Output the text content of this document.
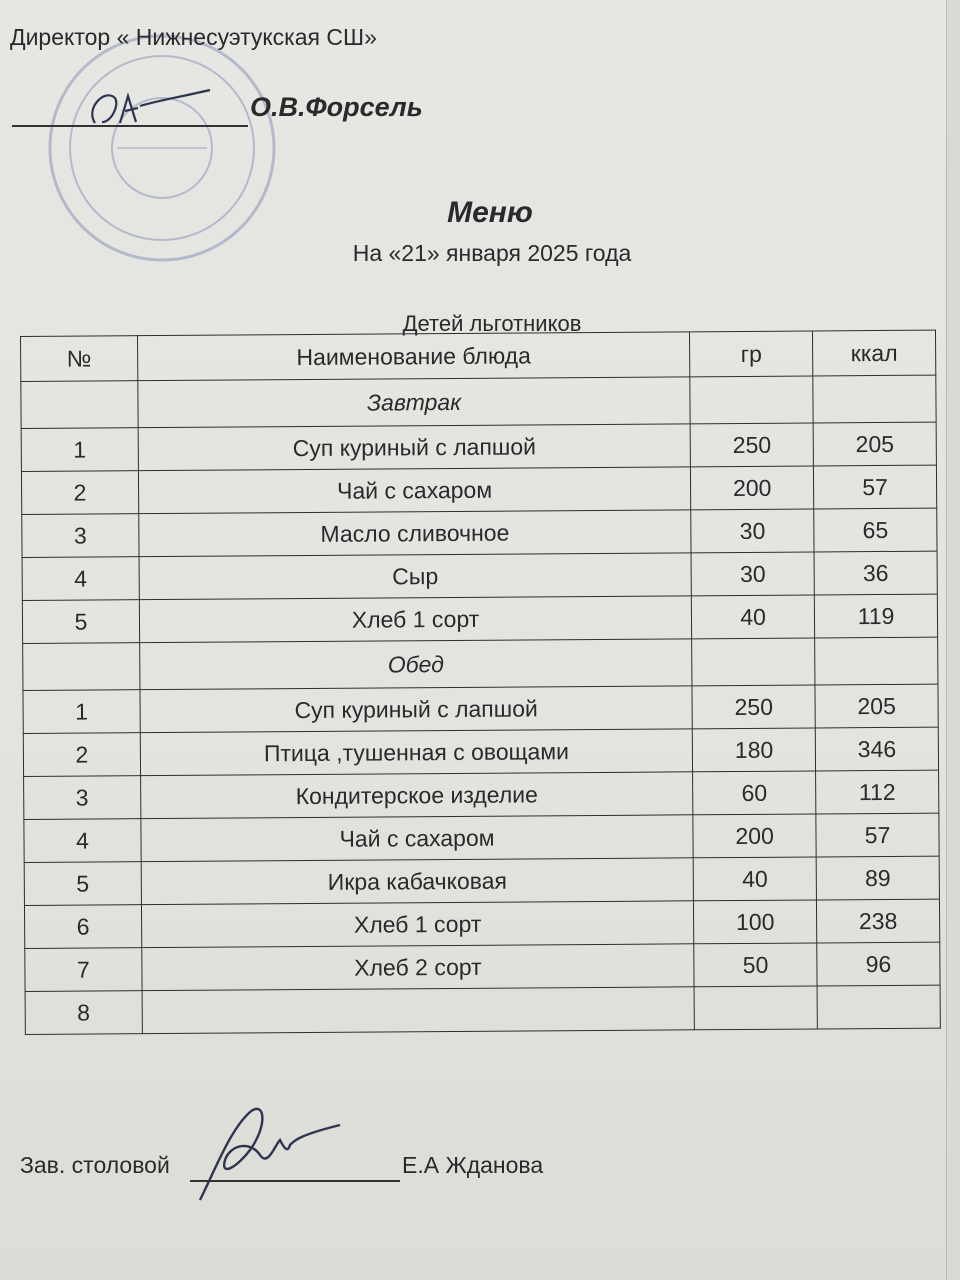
Директор « Нижнесуэтукская СШ»
О.В.Форсель
Меню
На «21» января 2025 года
Детей льготников
№	Наименование блюда	гр	ккал
	Завтрак		
1	Суп куриный с лапшой	250	205
2	Чай с сахаром	200	57
3	Масло сливочное	30	65
4	Сыр	30	36
5	Хлеб 1 сорт	40	119
	Обед		
1	Суп куриный с лапшой	250	205
2	Птица ,тушенная с овощами	180	346
3	Кондитерское изделие	60	112
4	Чай с сахаром	200	57
5	Икра кабачковая	40	89
6	Хлеб 1 сорт	100	238
7	Хлеб 2 сорт	50	96
8			
Зав. столовой	Е.А Жданова
